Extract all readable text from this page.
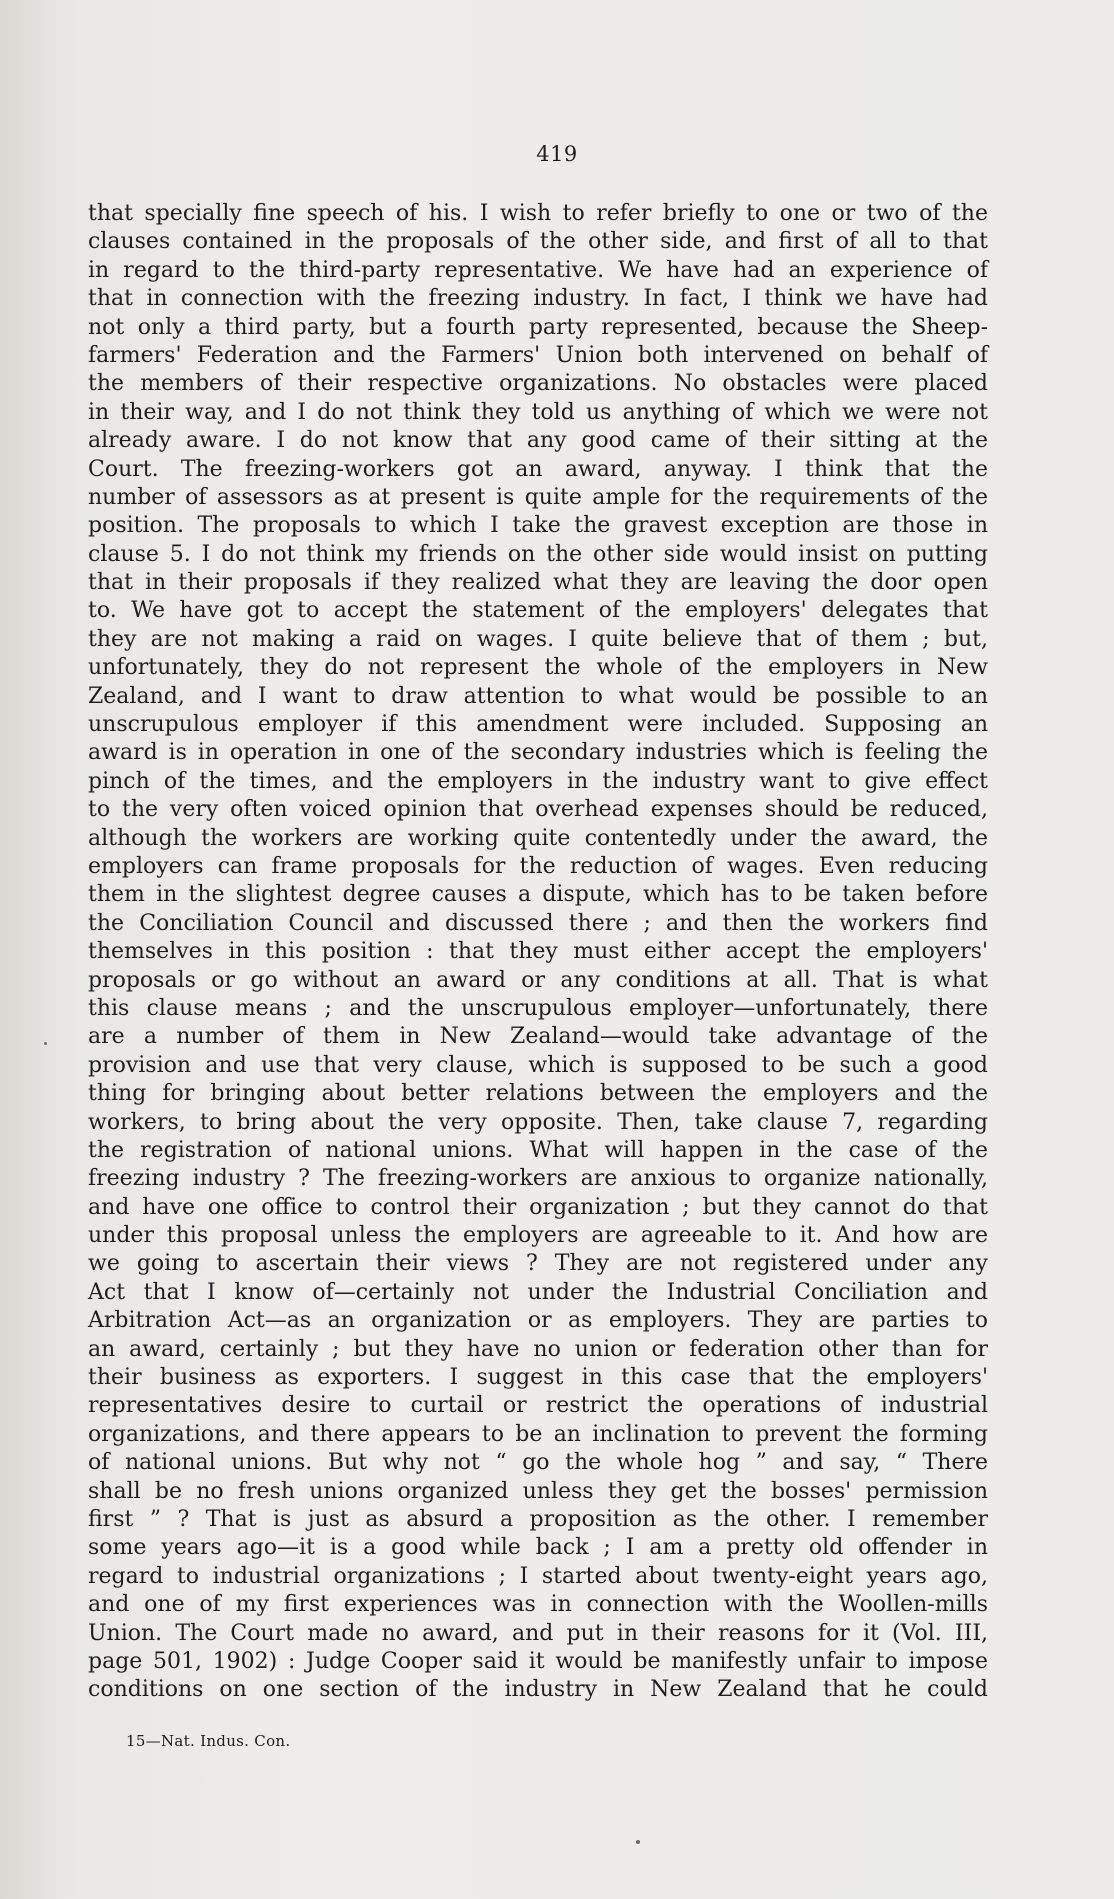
419
that specially fine speech of his. I wish to refer briefly to one or two of the
clauses contained in the proposals of the other side, and first of all to that
in regard to the third-party representative. We have had an experience of
that in connection with the freezing industry. In fact, I think we have had
not only a third party, but a fourth party represented, because the Sheep-
farmers' Federation and the Farmers' Union both intervened on behalf of
the members of their respective organizations. No obstacles were placed
in their way, and I do not think they told us anything of which we were not
already aware. I do not know that any good came of their sitting at the
Court. The freezing-workers got an award, anyway. I think that the
number of assessors as at present is quite ample for the requirements of the
position. The proposals to which I take the gravest exception are those in
clause 5. I do not think my friends on the other side would insist on putting
that in their proposals if they realized what they are leaving the door open
to. We have got to accept the statement of the employers' delegates that
they are not making a raid on wages. I quite believe that of them ; but,
unfortunately, they do not represent the whole of the employers in New
Zealand, and I want to draw attention to what would be possible to an
unscrupulous employer if this amendment were included. Supposing an
award is in operation in one of the secondary industries which is feeling the
pinch of the times, and the employers in the industry want to give effect
to the very often voiced opinion that overhead expenses should be reduced,
although the workers are working quite contentedly under the award, the
employers can frame proposals for the reduction of wages. Even reducing
them in the slightest degree causes a dispute, which has to be taken before
the Conciliation Council and discussed there ; and then the workers find
themselves in this position : that they must either accept the employers'
proposals or go without an award or any conditions at all. That is what
this clause means ; and the unscrupulous employer—unfortunately, there
are a number of them in New Zealand—would take advantage of the
provision and use that very clause, which is supposed to be such a good
thing for bringing about better relations between the employers and the
workers, to bring about the very opposite. Then, take clause 7, regarding
the registration of national unions. What will happen in the case of the
freezing industry ? The freezing-workers are anxious to organize nationally,
and have one office to control their organization ; but they cannot do that
under this proposal unless the employers are agreeable to it. And how are
we going to ascertain their views ? They are not registered under any
Act that I know of—certainly not under the Industrial Conciliation and
Arbitration Act—as an organization or as employers. They are parties to
an award, certainly ; but they have no union or federation other than for
their business as exporters. I suggest in this case that the employers'
representatives desire to curtail or restrict the operations of industrial
organizations, and there appears to be an inclination to prevent the forming
of national unions. But why not “ go the whole hog ” and say, “ There
shall be no fresh unions organized unless they get the bosses' permission
first ” ? That is just as absurd a proposition as the other. I remember
some years ago—it is a good while back ; I am a pretty old offender in
regard to industrial organizations ; I started about twenty-eight years ago,
and one of my first experiences was in connection with the Woollen-mills
Union. The Court made no award, and put in their reasons for it (Vol. III,
page 501, 1902) : Judge Cooper said it would be manifestly unfair to impose
conditions on one section of the industry in New Zealand that he could
15—Nat. Indus. Con.
